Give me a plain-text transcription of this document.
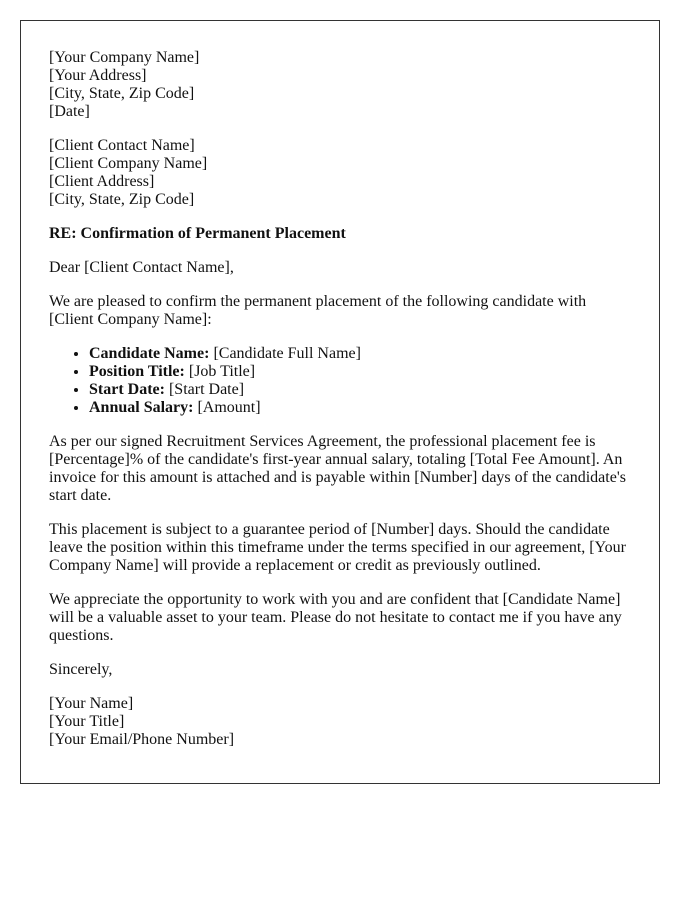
[Your Company Name]
[Your Address]
[City, State, Zip Code]
[Date]
[Client Contact Name]
[Client Company Name]
[Client Address]
[City, State, Zip Code]
RE: Confirmation of Permanent Placement

Dear [Client Contact Name],

We are pleased to confirm the permanent placement of the following candidate with [Client Company Name]:

• Candidate Name: [Candidate Full Name]
• Position Title: [Job Title]
• Start Date: [Start Date]
• Annual Salary: [Amount]

As per our signed Recruitment Services Agreement, the professional placement fee is [Percentage]% of the candidate's first-year annual salary, totaling [Total Fee Amount]. An invoice for this amount is attached and is payable within [Number] days of the candidate's start date.

This placement is subject to a guarantee period of [Number] days. Should the candidate leave the position within this timeframe under the terms specified in our agreement, [Your Company Name] will provide a replacement or credit as previously outlined.

We appreciate the opportunity to work with you and are confident that [Candidate Name] will be a valuable asset to your team. Please do not hesitate to contact me if you have any questions.

Sincerely,

[Your Name]
[Your Title]
[Your Email/Phone Number]
